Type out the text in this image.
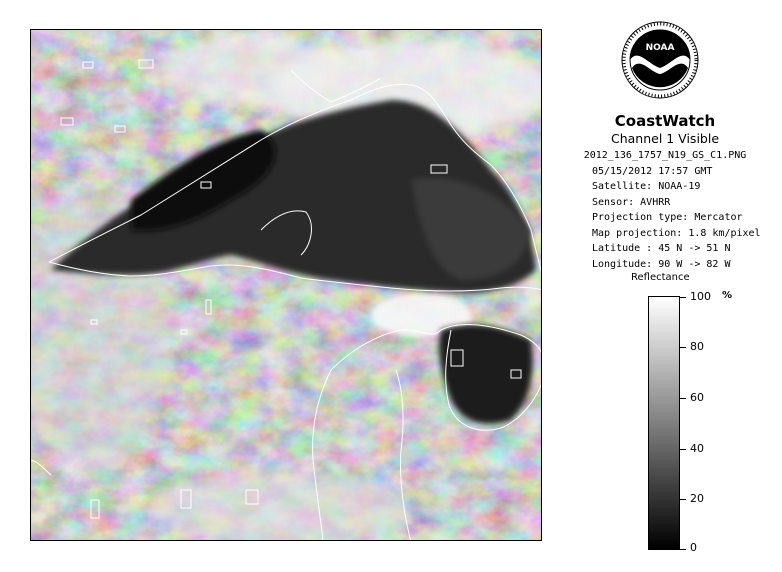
NOAA
CoastWatch
Channel 1 Visible
2012_136_1757_N19_GS_C1.PNG
05/15/2012 17:57 GMT
Satellite: NOAA-19
Sensor: AVHRR
Projection type: Mercator
Map projection: 1.8 km/pixel
Latitude : 45 N -> 51 N
Longitude: 90 W -> 82 W
Reflectance
%
100
80
60
40
20
0
